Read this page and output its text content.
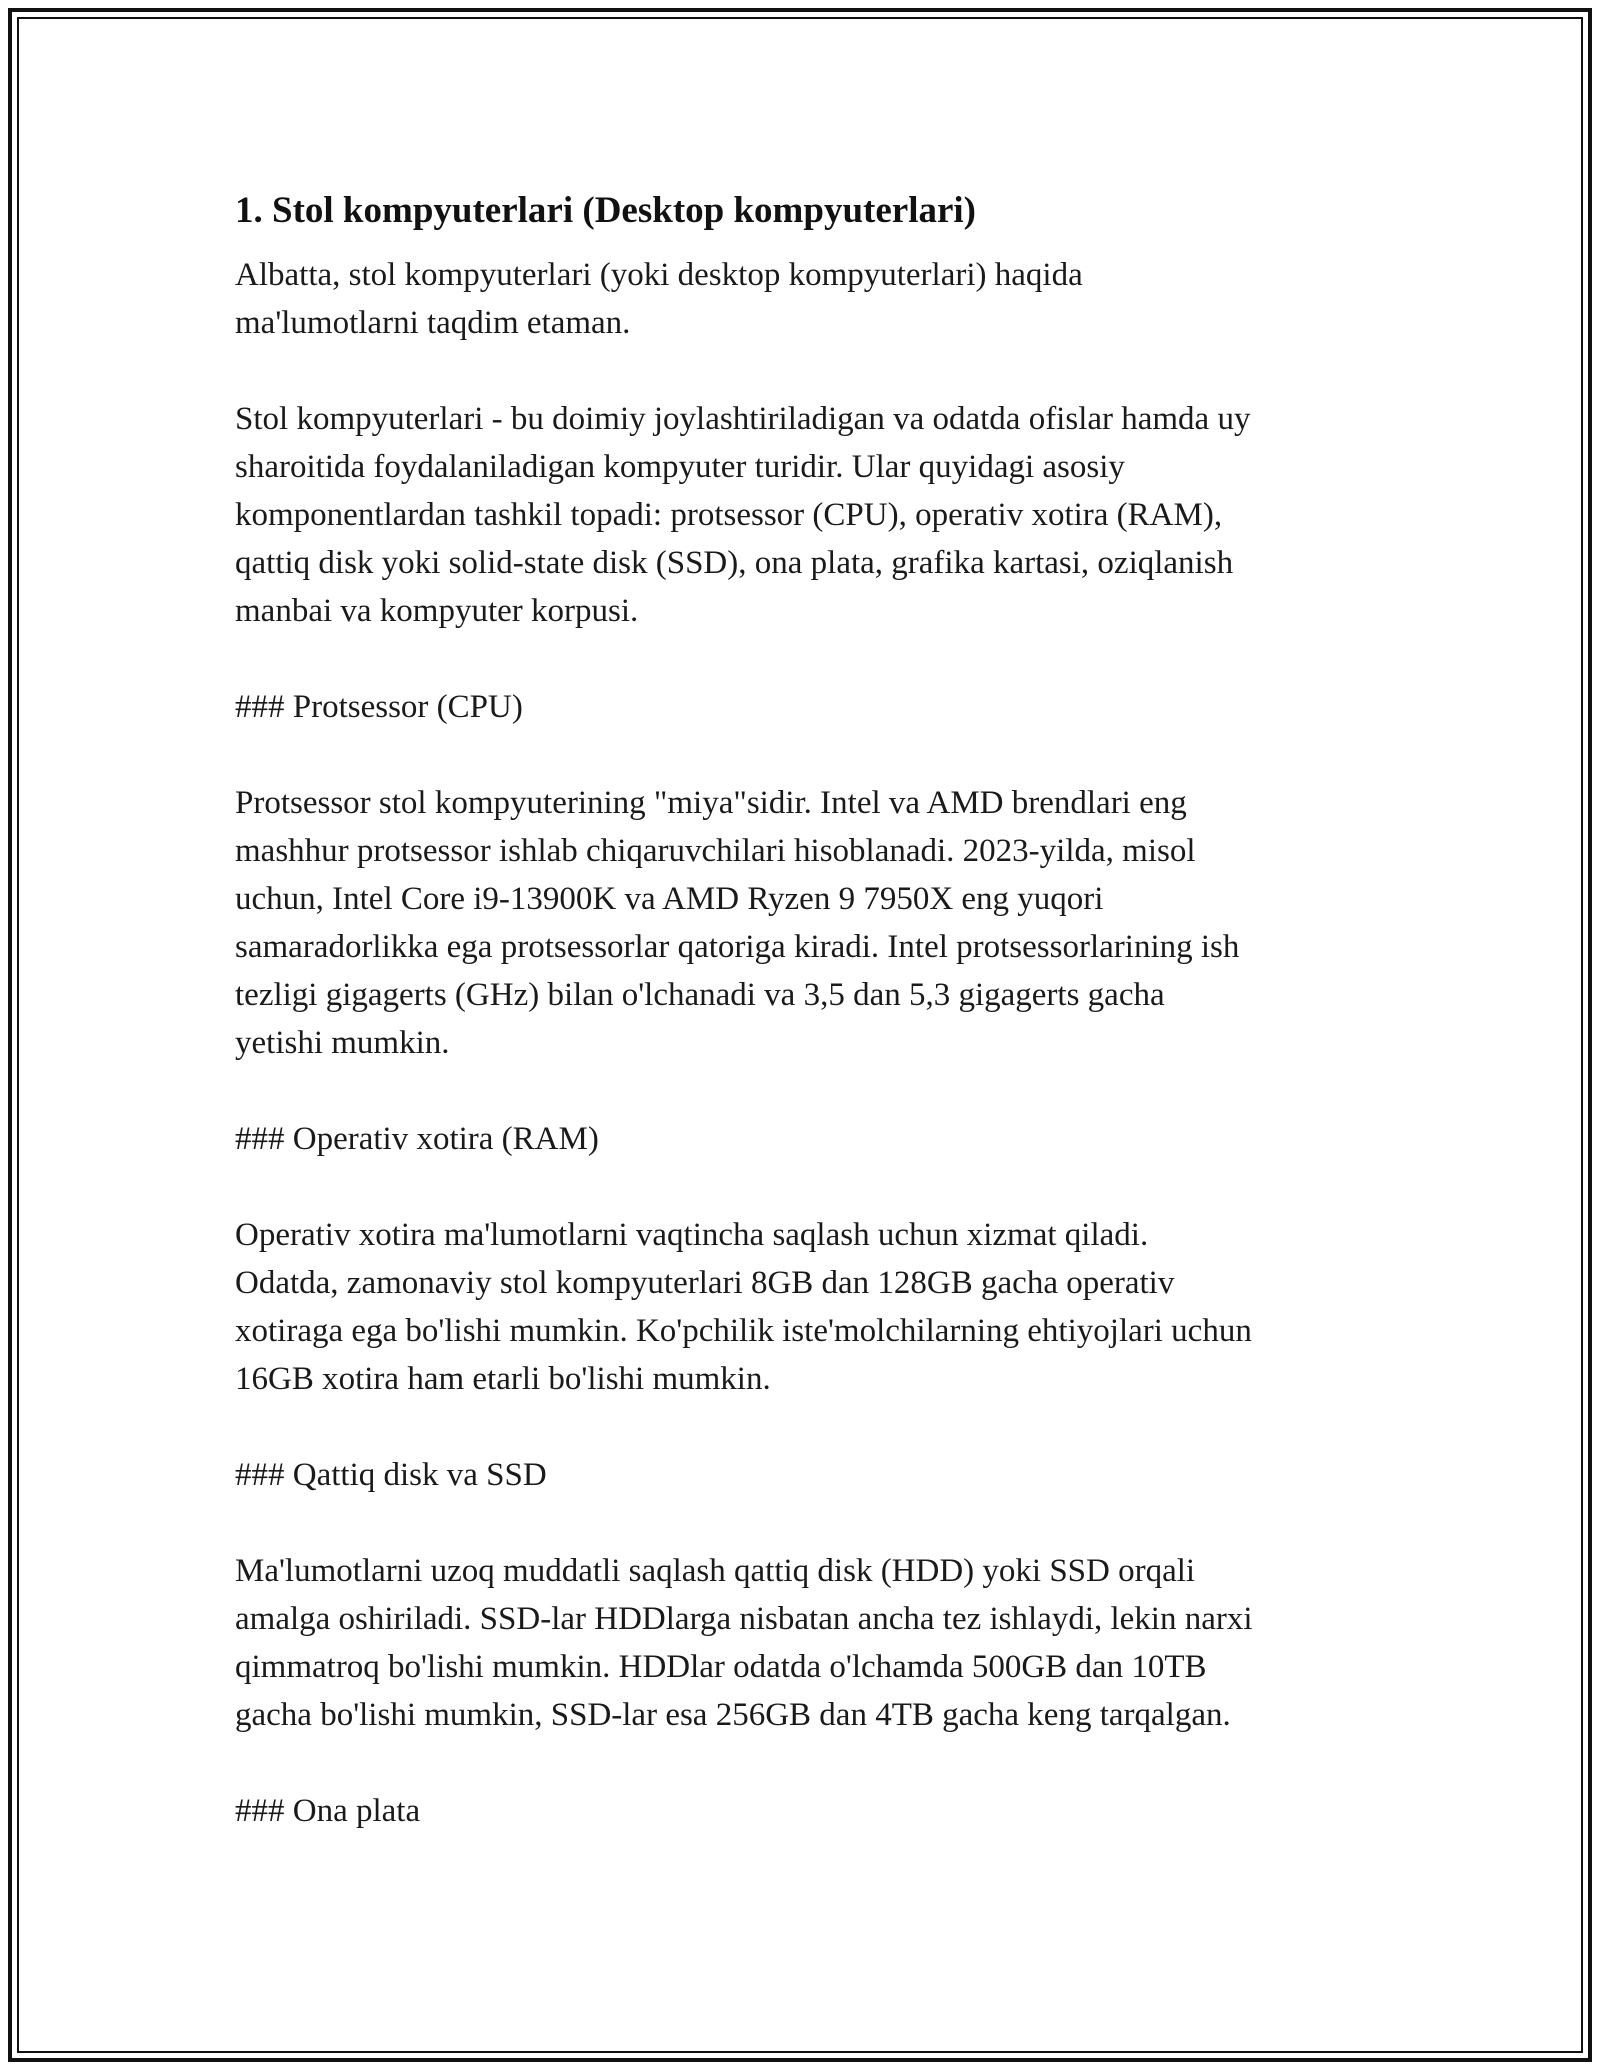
1. Stol kompyuterlari (Desktop kompyuterlari)

Albatta, stol kompyuterlari (yoki desktop kompyuterlari) haqida
ma'lumotlarni taqdim etaman.

Stol kompyuterlari - bu doimiy joylashtiriladigan va odatda ofislar hamda uy
sharoitida foydalaniladigan kompyuter turidir. Ular quyidagi asosiy
komponentlardan tashkil topadi: protsessor (CPU), operativ xotira (RAM),
qattiq disk yoki solid-state disk (SSD), ona plata, grafika kartasi, oziqlanish
manbai va kompyuter korpusi.

### Protsessor (CPU)

Protsessor stol kompyuterining "miya"sidir. Intel va AMD brendlari eng
mashhur protsessor ishlab chiqaruvchilari hisoblanadi. 2023-yilda, misol
uchun, Intel Core i9-13900K va AMD Ryzen 9 7950X eng yuqori
samaradorlikka ega protsessorlar qatoriga kiradi. Intel protsessorlarining ish
tezligi gigagerts (GHz) bilan o'lchanadi va 3,5 dan 5,3 gigagerts gacha
yetishi mumkin.

### Operativ xotira (RAM)

Operativ xotira ma'lumotlarni vaqtincha saqlash uchun xizmat qiladi.
Odatda, zamonaviy stol kompyuterlari 8GB dan 128GB gacha operativ
xotiraga ega bo'lishi mumkin. Ko'pchilik iste'molchilarning ehtiyojlari uchun
16GB xotira ham etarli bo'lishi mumkin.

### Qattiq disk va SSD

Ma'lumotlarni uzoq muddatli saqlash qattiq disk (HDD) yoki SSD orqali
amalga oshiriladi. SSD-lar HDDlarga nisbatan ancha tez ishlaydi, lekin narxi
qimmatroq bo'lishi mumkin. HDDlar odatda o'lchamda 500GB dan 10TB
gacha bo'lishi mumkin, SSD-lar esa 256GB dan 4TB gacha keng tarqalgan.

### Ona plata
